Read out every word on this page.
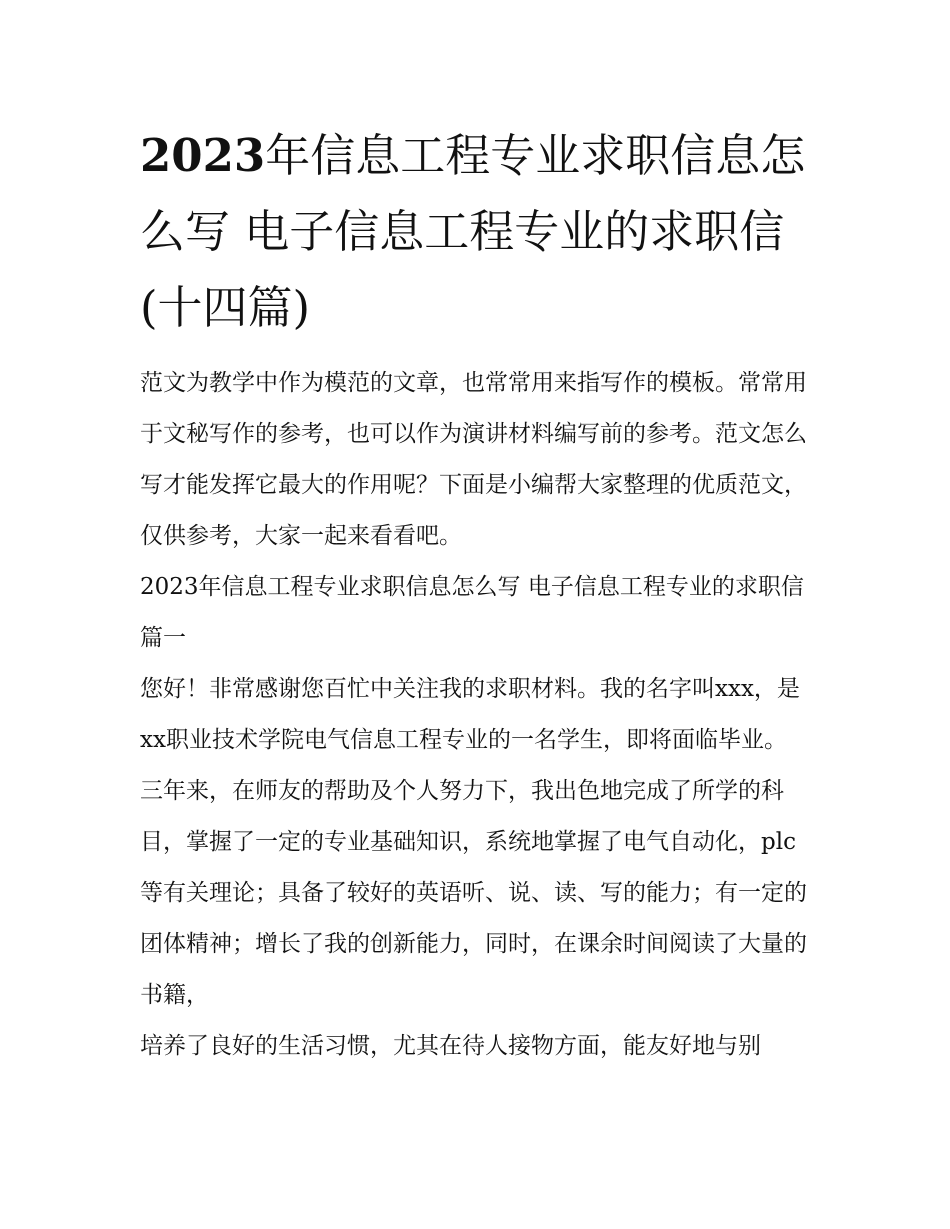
2023年信息工程专业求职信息怎么写 电子信息工程专业的求职信(十四篇)

范文为教学中作为模范的文章，也常常用来指写作的模板。常常用于文秘写作的参考，也可以作为演讲材料编写前的参考。范文怎么写才能发挥它最大的作用呢？下面是小编帮大家整理的优质范文，仅供参考，大家一起来看看吧。

2023年信息工程专业求职信息怎么写 电子信息工程专业的求职信篇一

您好！非常感谢您百忙中关注我的求职材料。我的名字叫xxx，是xx职业技术学院电气信息工程专业的一名学生，即将面临毕业。

三年来，在师友的帮助及个人努力下，我出色地完成了所学的科目，掌握了一定的专业基础知识，系统地掌握了电气自动化，plc等有关理论；具备了较好的英语听、说、读、写的能力；有一定的团体精神；增长了我的创新能力，同时，在课余时间阅读了大量的书籍，

培养了良好的生活习惯，尤其在待人接物方面，能友好地与别
